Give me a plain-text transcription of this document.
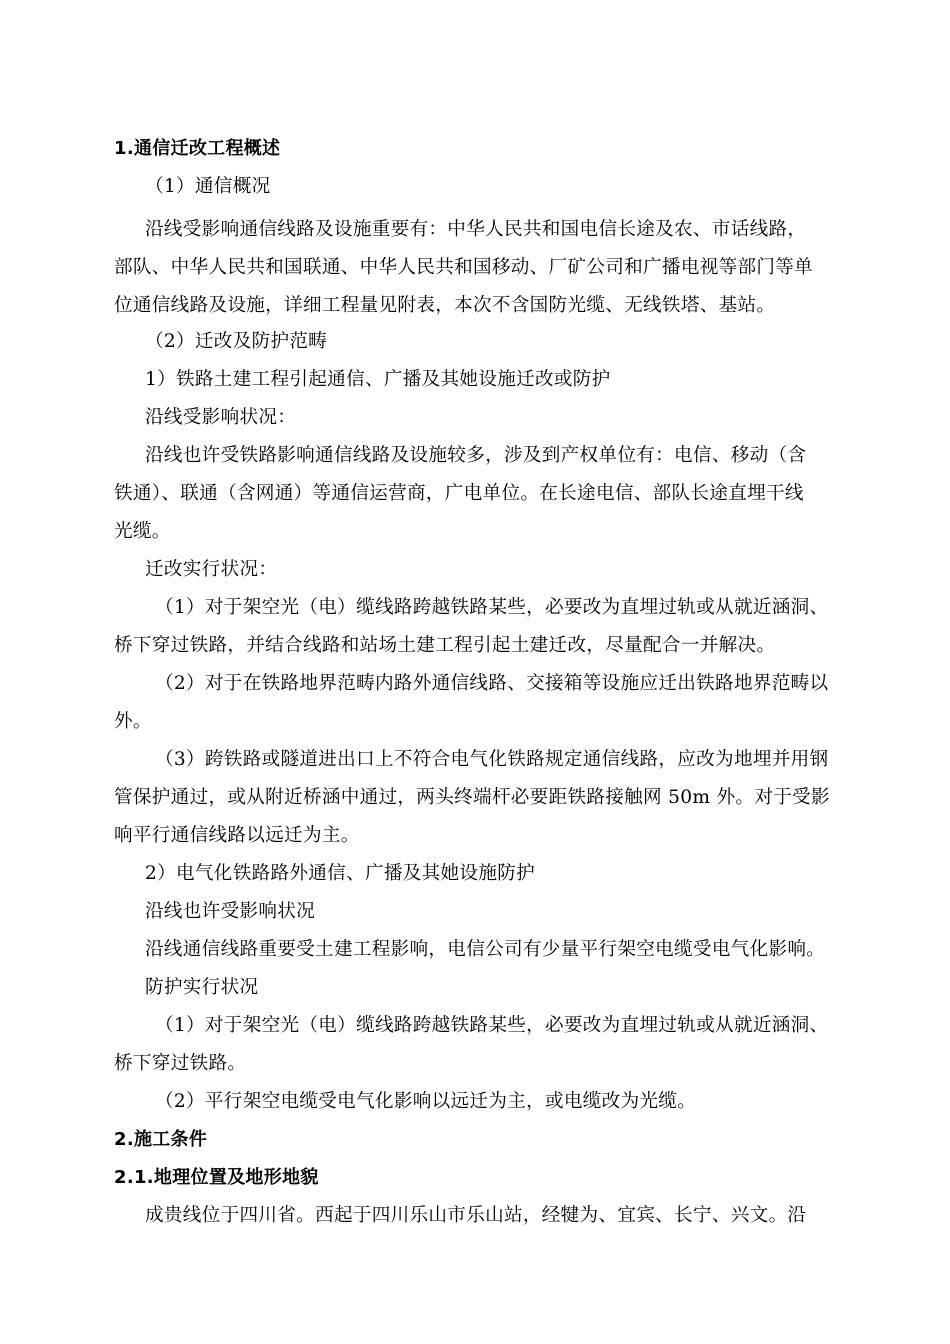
1.通信迁改工程概述
（1）通信概况
沿线受影响通信线路及设施重要有：中华人民共和国电信长途及农、市话线路，
部队、中华人民共和国联通、中华人民共和国移动、厂矿公司和广播电视等部门等单
位通信线路及设施，详细工程量见附表，本次不含国防光缆、无线铁塔、基站。
（2）迁改及防护范畴
1）铁路土建工程引起通信、广播及其她设施迁改或防护
沿线受影响状况：
沿线也许受铁路影响通信线路及设施较多，涉及到产权单位有：电信、移动（含
铁通）、联通（含网通）等通信运营商，广电单位。在长途电信、部队长途直埋干线
光缆。
迁改实行状况：
（1）对于架空光（电）缆线路跨越铁路某些，必要改为直埋过轨或从就近涵洞、
桥下穿过铁路，并结合线路和站场土建工程引起土建迁改，尽量配合一并解决。
（2）对于在铁路地界范畴内路外通信线路、交接箱等设施应迁出铁路地界范畴以
外。
（3）跨铁路或隧道进出口上不符合电气化铁路规定通信线路，应改为地埋并用钢
管保护通过，或从附近桥涵中通过，两头终端杆必要距铁路接触网 50m 外。对于受影
响平行通信线路以远迁为主。
2）电气化铁路路外通信、广播及其她设施防护
沿线也许受影响状况
沿线通信线路重要受土建工程影响，电信公司有少量平行架空电缆受电气化影响。
防护实行状况
（1）对于架空光（电）缆线路跨越铁路某些，必要改为直埋过轨或从就近涵洞、
桥下穿过铁路。
（2）平行架空电缆受电气化影响以远迁为主，或电缆改为光缆。
2.施工条件
2.1.地理位置及地形地貌
成贵线位于四川省。西起于四川乐山市乐山站，经犍为、宜宾、长宁、兴文。沿
